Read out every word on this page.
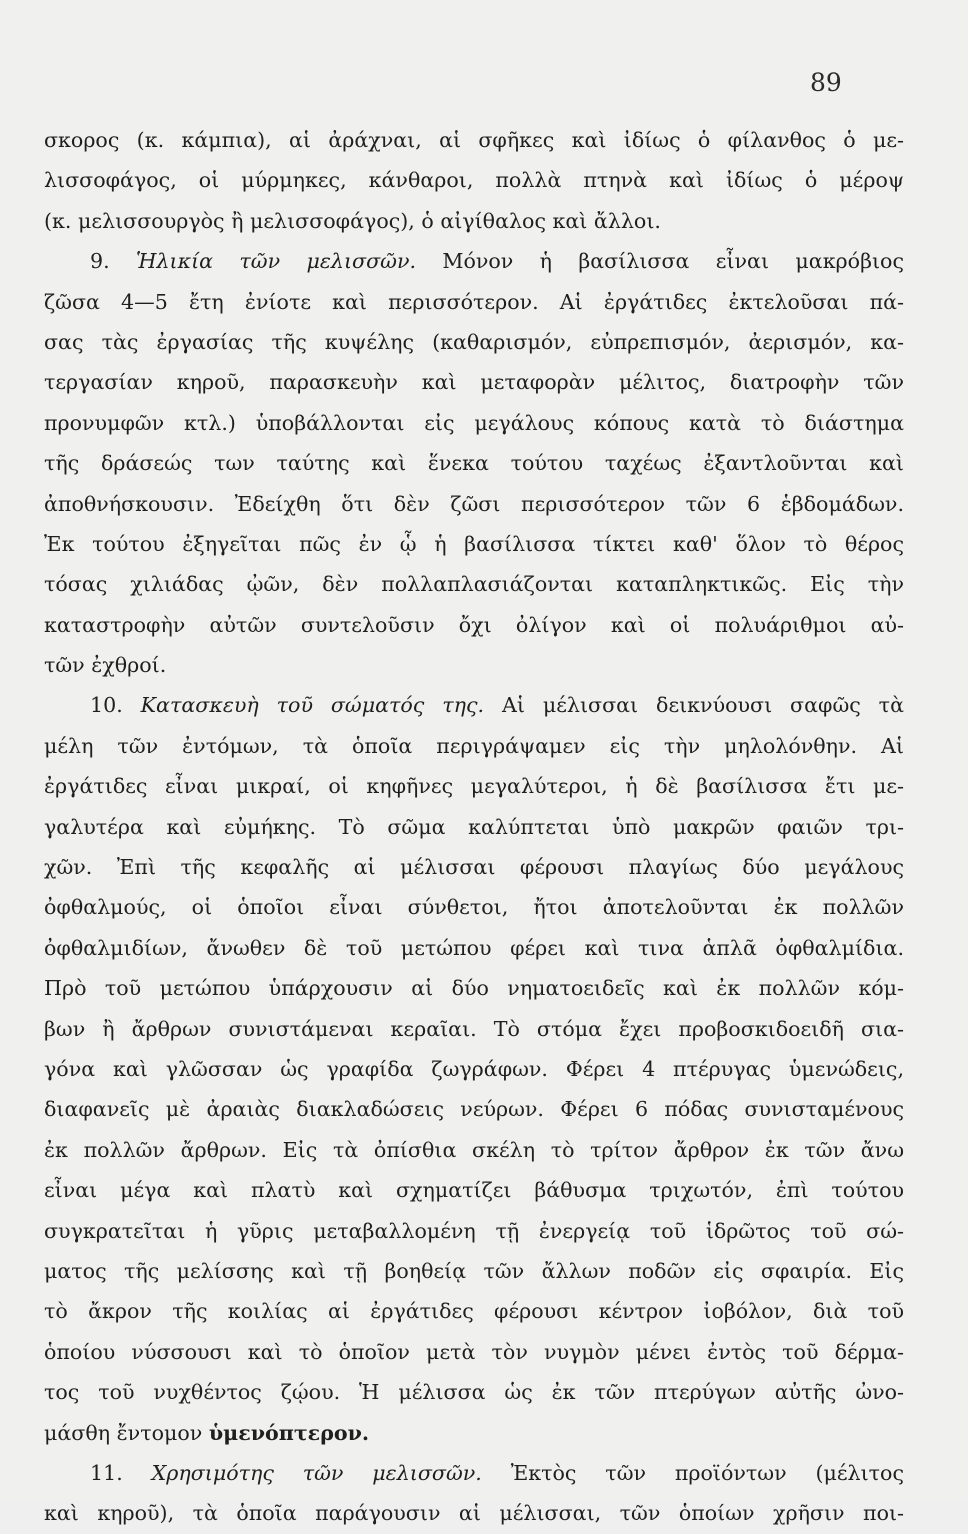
89
σκορος (κ. κάμπια), αἱ ἀράχναι, αἱ σφῆκες καὶ ἰδίως ὁ φίλανθος ὁ με-
λισσοφάγος, οἱ μύρμηκες, κάνθαροι, πολλὰ πτηνὰ καὶ ἰδίως ὁ μέροψ
(κ. μελισσουργὸς ἢ μελισσοφάγος), ὁ αἰγίθαλος καὶ ἄλλοι.
9. Ἡλικία τῶν μελισσῶν. Μόνον ἡ βασίλισσα εἶναι μακρόβιος
ζῶσα 4—5 ἔτη ἐνίοτε καὶ περισσότερον. Αἱ ἐργάτιδες ἐκτελοῦσαι πά-
σας τὰς ἐργασίας τῆς κυψέλης (καθαρισμόν, εὐπρεπισμόν, ἀερισμόν, κα-
τεργασίαν κηροῦ, παρασκευὴν καὶ μεταφορὰν μέλιτος, διατροφὴν τῶν
προνυμφῶν κτλ.) ὑποβάλλονται εἰς μεγάλους κόπους κατὰ τὸ διάστημα
τῆς δράσεώς των ταύτης καὶ ἕνεκα τούτου ταχέως ἐξαντλοῦνται καὶ
ἀποθνήσκουσιν. Ἐδείχθη ὅτι δὲν ζῶσι περισσότερον τῶν 6 ἑβδομάδων.
Ἐκ τούτου ἐξηγεῖται πῶς ἐν ᾧ ἡ βασίλισσα τίκτει καθ' ὅλον τὸ θέρος
τόσας χιλιάδας ᾠῶν, δὲν πολλαπλασιάζονται καταπληκτικῶς. Εἰς τὴν
καταστροφὴν αὐτῶν συντελοῦσιν ὄχι ὀλίγον καὶ οἱ πολυάριθμοι αὐ-
τῶν ἐχθροί.
10. Κατασκευὴ τοῦ σώματός της. Αἱ μέλισσαι δεικνύουσι σαφῶς τὰ
μέλη τῶν ἐντόμων, τὰ ὁποῖα περιγράψαμεν εἰς τὴν μηλολόνθην. Αἱ
ἐργάτιδες εἶναι μικραί, οἱ κηφῆνες μεγαλύτεροι, ἡ δὲ βασίλισσα ἔτι με-
γαλυτέρα καὶ εὐμήκης. Τὸ σῶμα καλύπτεται ὑπὸ μακρῶν φαιῶν τρι-
χῶν. Ἐπὶ τῆς κεφαλῆς αἱ μέλισσαι φέρουσι πλαγίως δύο μεγάλους
ὀφθαλμούς, οἱ ὁποῖοι εἶναι σύνθετοι, ἤτοι ἀποτελοῦνται ἐκ πολλῶν
ὀφθαλμιδίων, ἄνωθεν δὲ τοῦ μετώπου φέρει καὶ τινα ἁπλᾶ ὀφθαλμίδια.
Πρὸ τοῦ μετώπου ὑπάρχουσιν αἱ δύο νηματοειδεῖς καὶ ἐκ πολλῶν κόμ-
βων ἢ ἄρθρων συνιστάμεναι κεραῖαι. Τὸ στόμα ἔχει προβοσκιδοειδῆ σια-
γόνα καὶ γλῶσσαν ὡς γραφίδα ζωγράφων. Φέρει 4 πτέρυγας ὑμενώδεις,
διαφανεῖς μὲ ἀραιὰς διακλαδώσεις νεύρων. Φέρει 6 πόδας συνισταμένους
ἐκ πολλῶν ἄρθρων. Εἰς τὰ ὀπίσθια σκέλη τὸ τρίτον ἄρθρον ἐκ τῶν ἄνω
εἶναι μέγα καὶ πλατὺ καὶ σχηματίζει βάθυσμα τριχωτόν, ἐπὶ τούτου
συγκρατεῖται ἡ γῦρις μεταβαλλομένη τῇ ἐνεργείᾳ τοῦ ἱδρῶτος τοῦ σώ-
ματος τῆς μελίσσης καὶ τῇ βοηθείᾳ τῶν ἄλλων ποδῶν εἰς σφαιρία. Εἰς
τὸ ἄκρον τῆς κοιλίας αἱ ἐργάτιδες φέρουσι κέντρον ἰοβόλον, διὰ τοῦ
ὁποίου νύσσουσι καὶ τὸ ὁποῖον μετὰ τὸν νυγμὸν μένει ἐντὸς τοῦ δέρμα-
τος τοῦ νυχθέντος ζῴου. Ἡ μέλισσα ὡς ἐκ τῶν πτερύγων αὐτῆς ὠνο-
μάσθη ἔντομον ὑμενόπτερον.
11. Χρησιμότης τῶν μελισσῶν. Ἐκτὸς τῶν προϊόντων (μέλιτος
καὶ κηροῦ), τὰ ὁποῖα παράγουσιν αἱ μέλισσαι, τῶν ὁποίων χρῆσιν ποι-
